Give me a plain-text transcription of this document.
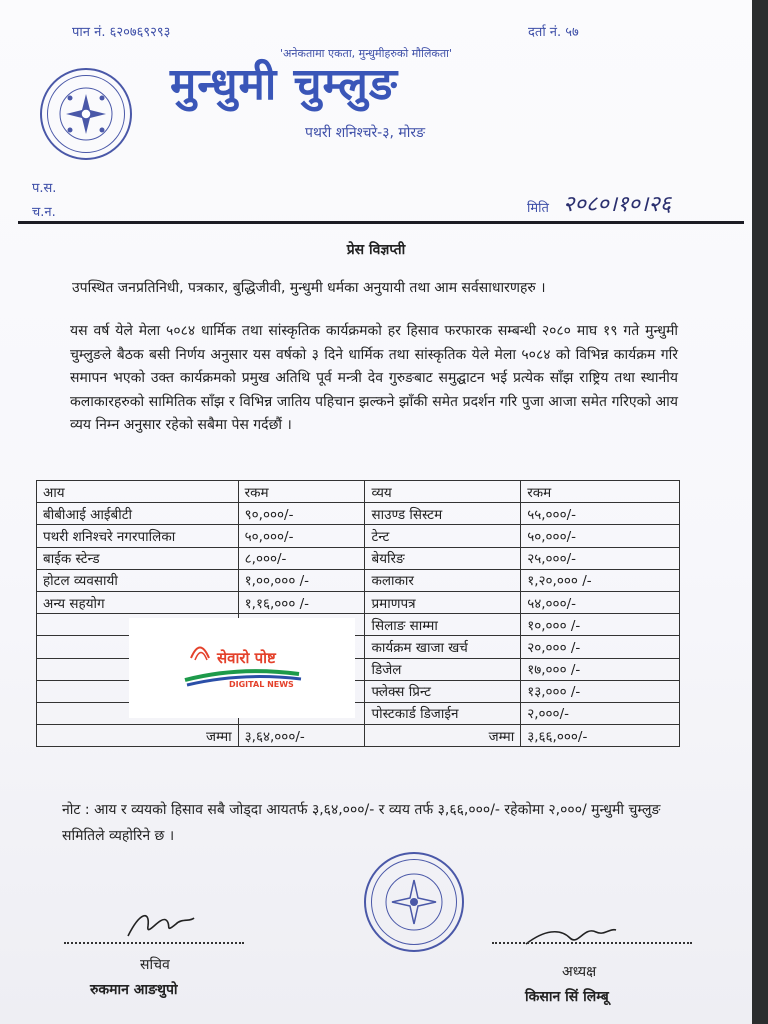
पान नं. ६२०७६९२९३	दर्ता नं. ५७
'अनेकतामा एकता, मुन्धुमीहरुको मौलिकता'
मुन्धुमी चुम्लुङ
पथरी शनिश्चरे-३, मोरङ
प.स.
च.न.	मिति २०८०।१०।२६
प्रेस विज्ञप्ती
उपस्थित जनप्रतिनिधी, पत्रकार, बुद्धिजीवी, मुन्धुमी धर्मका अनुयायी तथा आम सर्वसाधारणहरु ।
यस वर्ष येले मेला ५०८४ धार्मिक तथा सांस्कृतिक कार्यक्रमको हर हिसाव फरफारक सम्बन्धी २०८० माघ १९ गते मुन्धुमी चुम्लुङले बैठक बसी निर्णय अनुसार यस वर्षको ३ दिने धार्मिक तथा सांस्कृतिक येले मेला ५०८४ को विभिन्न कार्यक्रम गरि समापन भएको उक्त कार्यक्रमको प्रमुख अतिथि पूर्व मन्त्री देव गुरुङबाट समुद्घाटन भई प्रत्येक साँझ राष्ट्रिय तथा स्थानीय कलाकारहरुको सामितिक साँझ र विभिन्न जातिय पहिचान झल्कने झाँकी समेत प्रदर्शन गरि पुजा आजा समेत गरिएको आय व्यय निम्न अनुसार रहेको सबैमा पेस गर्दछौं ।
आय	रकम	व्यय	रकम
बीबीआई आईबीटी	९०,०००/-	साउण्ड सिस्टम	५५,०००/-
पथरी शनिश्चरे नगरपालिका	५०,०००/-	टेन्ट	५०,०००/-
बाईक स्टेन्ड	८,०००/-	बेयरिङ	२५,०००/-
होटल व्यवसायी	१,००,००० /-	कलाकार	१,२०,००० /-
अन्य सहयोग	१,१६,००० /-	प्रमाणपत्र	५४,०००/-
		सिलाङ साम्मा	१०,००० /-
		कार्यक्रम खाजा खर्च	२०,००० /-
		डिजेल	१७,००० /-
		फ्लेक्स प्रिन्ट	१३,००० /-
		पोस्टकार्ड डिजाईन	२,०००/-
जम्मा	३,६४,०००/-	जम्मा	३,६६,०००/-
सेवारो पोष्ट
DIGITAL NEWS
नोट : आय र व्ययको हिसाव सबै जोड्दा आयतर्फ ३,६४,०००/- र व्यय तर्फ ३,६६,०००/- रहेकोमा २,०००/ मुन्धुमी चुम्लुङ समितिले व्यहोरिने छ ।
सचिव
रुकमान आङथुपो
अध्यक्ष
किसान सिं लिम्बू
